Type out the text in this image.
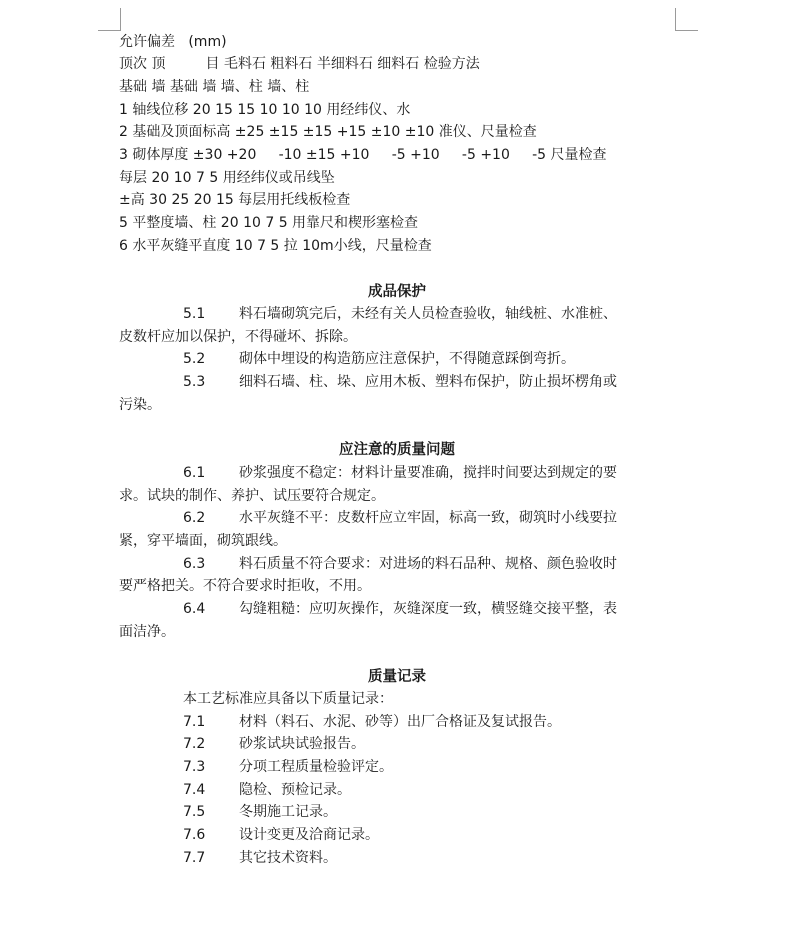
允许偏差   (mm)
顶次 顶         目 毛料石 粗料石 半细料石 细料石 检验方法
基础 墙 基础 墙 墙、柱 墙、柱
1 轴线位移 20 15 15 10 10 10 用经纬仪、水
2 基础及顶面标高 ±25 ±15 ±15 +15 ±10 ±10 准仪、尺量检查
3 砌体厚度 ±30 +20     -10 ±15 +10     -5 +10     -5 +10     -5 尺量检查
每层 20 10 7 5 用经纬仪或吊线坠
±高 30 25 20 15 每层用托线板检查
5 平整度墙、柱 20 10 7 5 用靠尺和楔形塞检查
6 水平灰缝平直度 10 7 5 拉 10m小线，尺量检查
成品保护
5.1 料石墙砌筑完后，未经有关人员检查验收，轴线桩、水准桩、
皮数杆应加以保护，不得碰坏、拆除。
5.2 砌体中埋设的构造筋应注意保护，不得随意踩倒弯折。
5.3 细料石墙、柱、垛、应用木板、塑料布保护，防止损坏楞角或
污染。
应注意的质量问题
6.1 砂浆强度不稳定：材料计量要准确，搅拌时间要达到规定的要
求。试块的制作、养护、试压要符合规定。
6.2 水平灰缝不平：皮数杆应立牢固，标高一致，砌筑时小线要拉
紧，穿平墙面，砌筑跟线。
6.3 料石质量不符合要求：对进场的料石品种、规格、颜色验收时
要严格把关。不符合要求时拒收，不用。
6.4 勾缝粗糙：应叨灰操作，灰缝深度一致，横竖缝交接平整，表
面洁净。
质量记录
本工艺标准应具备以下质量记录：
7.1 材料（料石、水泥、砂等）出厂合格证及复试报告。
7.2 砂浆试块试验报告。
7.3 分项工程质量检验评定。
7.4 隐检、预检记录。
7.5 冬期施工记录。
7.6 设计变更及洽商记录。
7.7 其它技术资料。
